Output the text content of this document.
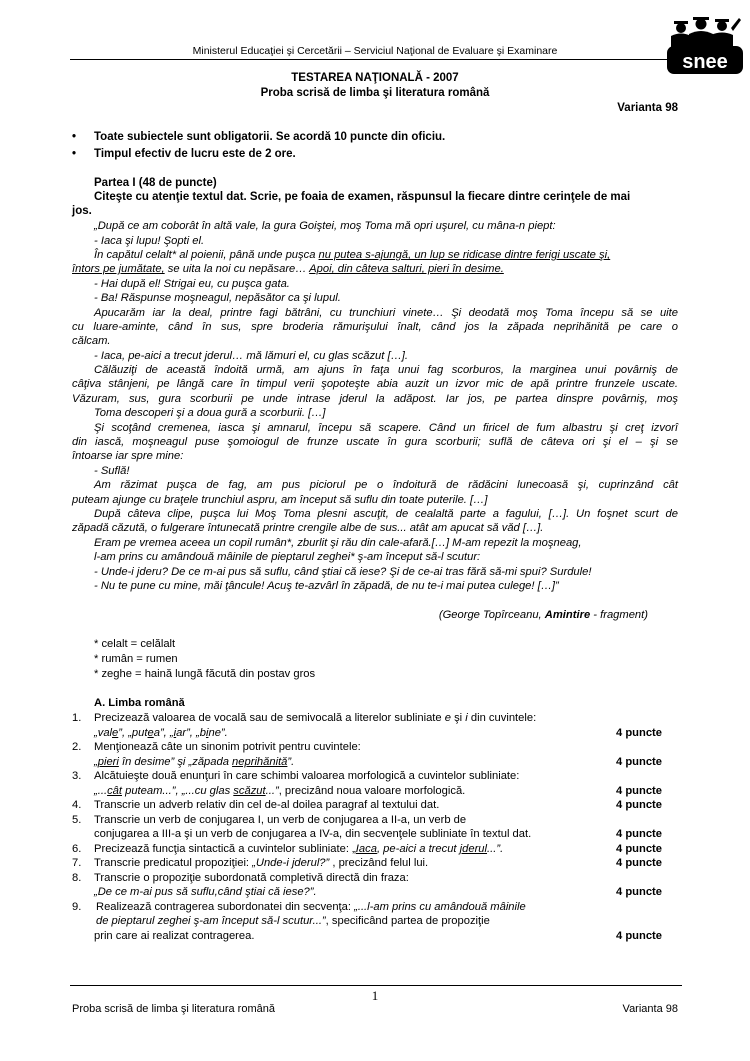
Ministerul Educaţiei şi Cercetării – Serviciul Naţional de Evaluare şi Examinare	snee
TESTAREA NAŢIONALĂ - 2007
Proba scrisă de limba şi literatura română
Varianta 98
• Toate subiectele sunt obligatorii. Se acordă 10 puncte din oficiu.
• Timpul efectiv de lucru este de 2 ore.
Partea I (48 de puncte)
Citeşte cu atenţie textul dat. Scrie, pe foaia de examen, răspunsul la fiecare dintre cerinţele de mai
jos.
„După ce am coborât în altă vale, la gura Goiştei, moş Toma mă opri uşurel, cu mâna-n piept:
- Iaca şi lupu! Şopti el.
În capătul celalt* al poienii, până unde puşca nu putea s-ajungă, un lup se ridicase dintre ferigi uscate şi,
întors pe jumătate, se uita la noi cu nepăsare… Apoi, din câteva salturi, pieri în desime.
- Hai după el! Strigai eu, cu puşca gata.
- Ba! Răspunse moşneagul, nepăsător ca şi lupul.
Apucarăm iar la deal, printre fagi bătrâni, cu trunchiuri vinete… Şi deodată moş Toma începu să se uite
cu luare-aminte, când în sus, spre broderia rămurişului înalt, când jos la zăpada neprihănită pe care o
călcam.
- Iaca, pe-aici a trecut jderul… mă lămuri el, cu glas scăzut […].
Călăuziţi de această îndoită urmă, am ajuns în faţa unui fag scorburos, la marginea unui povârniş de
câţiva stânjeni, pe lângă care în timpul verii şopoteşte abia auzit un izvor mic de apă printre frunzele uscate.
Văzuram, sus, gura scorburii pe unde intrase jderul la adăpost. Iar jos, pe partea dinspre povârniş, moş
Toma descoperi şi a doua gură a scorburii. […]
Şi scoţând cremenea, iasca şi amnarul, începu să scapere. Când un firicel de fum albastru şi creţ izvorî
din iască, moşneagul puse şomoiogul de frunze uscate în gura scorburii; suflă de câteva ori şi el – şi se
întoarse iar spre mine:
- Suflă!
Am răzimat puşca de fag, am pus piciorul pe o îndoitură de rădăcini lunecoasă şi, cuprinzând cât
puteam ajunge cu braţele trunchiul aspru, am început să suflu din toate puterile. […]
După câteva clipe, puşca lui Moş Toma plesni ascuţit, de cealaltă parte a fagului, […]. Un foşnet scurt de
zăpadă căzută, o fulgerare întunecată printre crengile albe de sus... atât am apucat să văd […].
Eram pe vremea aceea un copil rumân*, zburlit şi rău din cale-afară.[…] M-am repezit la moşneag,
l-am prins cu amândouă mâinile de pieptarul zeghei* ş-am început să-l scutur:
- Unde-i jderu? De ce m-ai pus să suflu, când ştiai că iese? Şi de ce-ai tras fără să-mi spui? Surdule!
- Nu te pune cu mine, măi ţâncule! Acuş te-azvârl în zăpadă, de nu te-i mai putea culege! […]”
(George Topîrceanu, Amintire - fragment)
* celalt = celălalt
* rumân = rumen
* zeghe = haină lungă făcută din postav gros
A. Limba română
1. Precizează valoarea de vocală sau de semivocală a literelor subliniate e şi i din cuvintele:
„vale”, „putea”, „iar”, „bine”.	4 puncte
2. Menţionează câte un sinonim potrivit pentru cuvintele:
„pieri în desime” şi „zăpada neprihănită”.	4 puncte
3. Alcătuieşte două enunţuri în care schimbi valoarea morfologică a cuvintelor subliniate:
„...cât puteam...”, „...cu glas scăzut...”, precizând noua valoare morfologică.	4 puncte
4. Transcrie un adverb relativ din cel de-al doilea paragraf al textului dat.	4 puncte
5. Transcrie un verb de conjugarea I, un verb de conjugarea a II-a, un verb de
conjugarea a III-a şi un verb de conjugarea a IV-a, din secvenţele subliniate în textul dat.	4 puncte
6. Precizează funcţia sintactică a cuvintelor subliniate: „Iaca, pe-aici a trecut jderul...”.	4 puncte
7. Transcrie predicatul propoziţiei: „Unde-i jderul?” , precizând felul lui.	4 puncte
8. Transcrie o propoziţie subordonată completivă directă din fraza:
„De ce m-ai pus să suflu,când ştiai că iese?”.	4 puncte
9. Realizează contragerea subordonatei din secvenţa: „...l-am prins cu amândouă mâinile
de pieptarul zeghei ş-am început să-l scutur...”, specificând partea de propoziţie
prin care ai realizat contragerea.	4 puncte
1
Proba scrisă de limba şi literatura română	Varianta 98
